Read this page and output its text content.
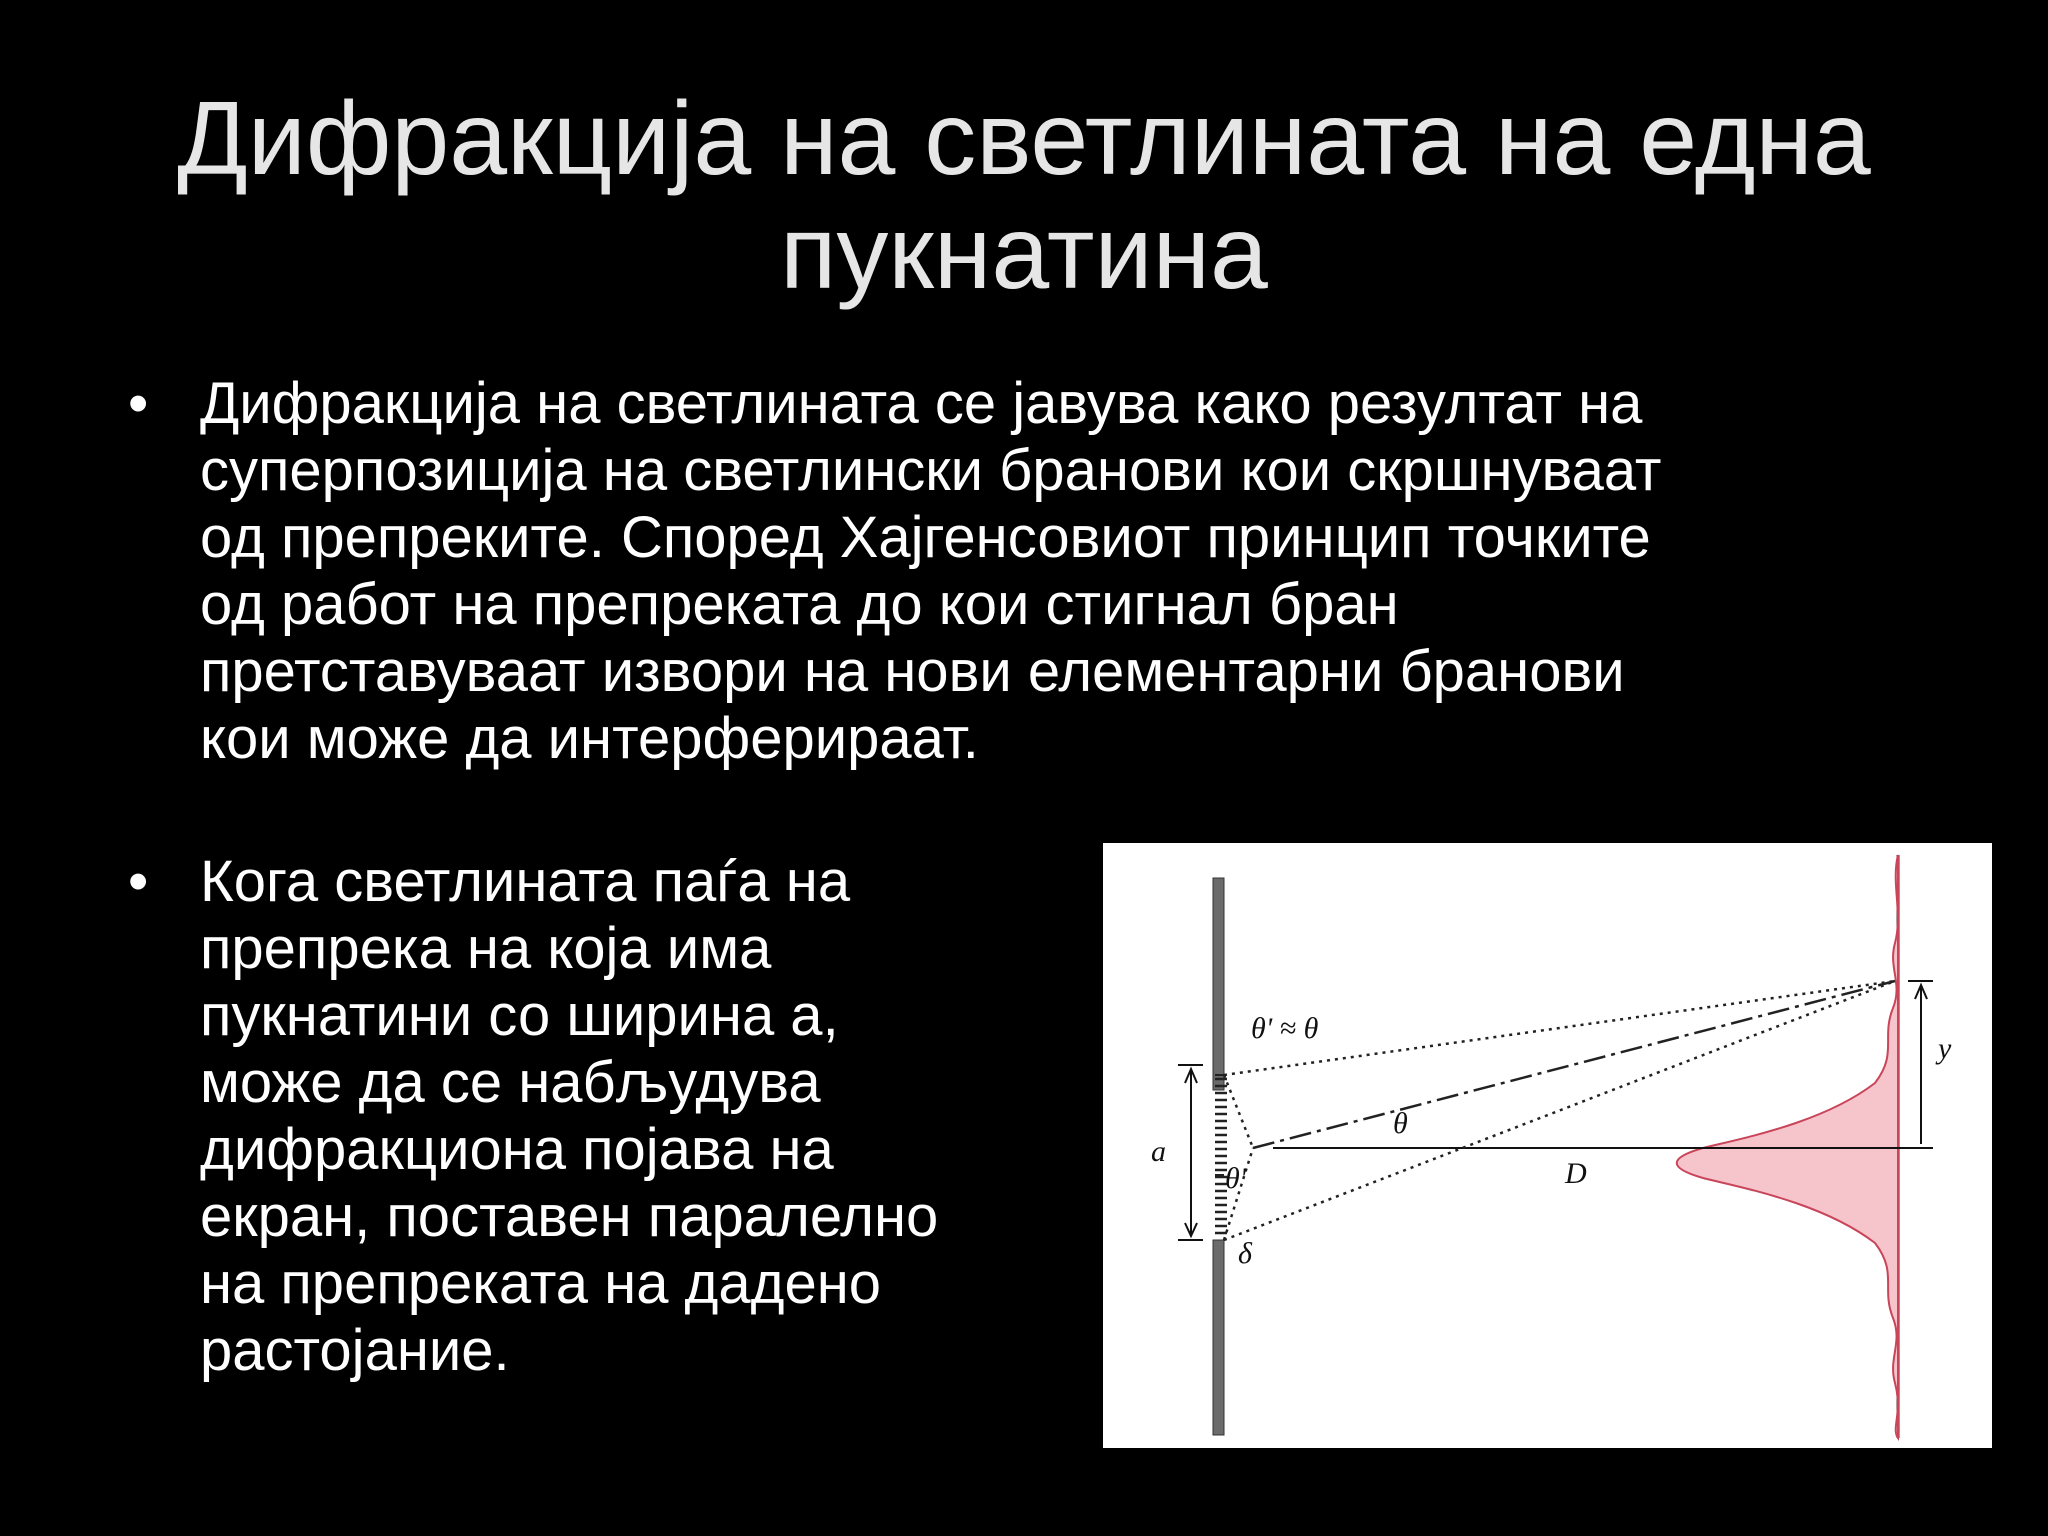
Дифракција на светлината на една
пукнатина
• Дифракција на светлината се јавува како резултат на
суперпозиција на светлински бранови кои скршнуваат
од препреките. Според Хајгенсовиот принцип точките
од работ на препреката до кои стигнал бран
претставуваат извори на нови елементарни бранови
кои може да интерферираат.
• Кога светлината паѓа на
препрека на која има
пукнатини со ширина а,
може да се набљудува
дифракциона појава на
екран, поставен паралелно
на препреката на дадено
растојание.
θ' ≈ θ
θ
θ'
a
δ
D
y
